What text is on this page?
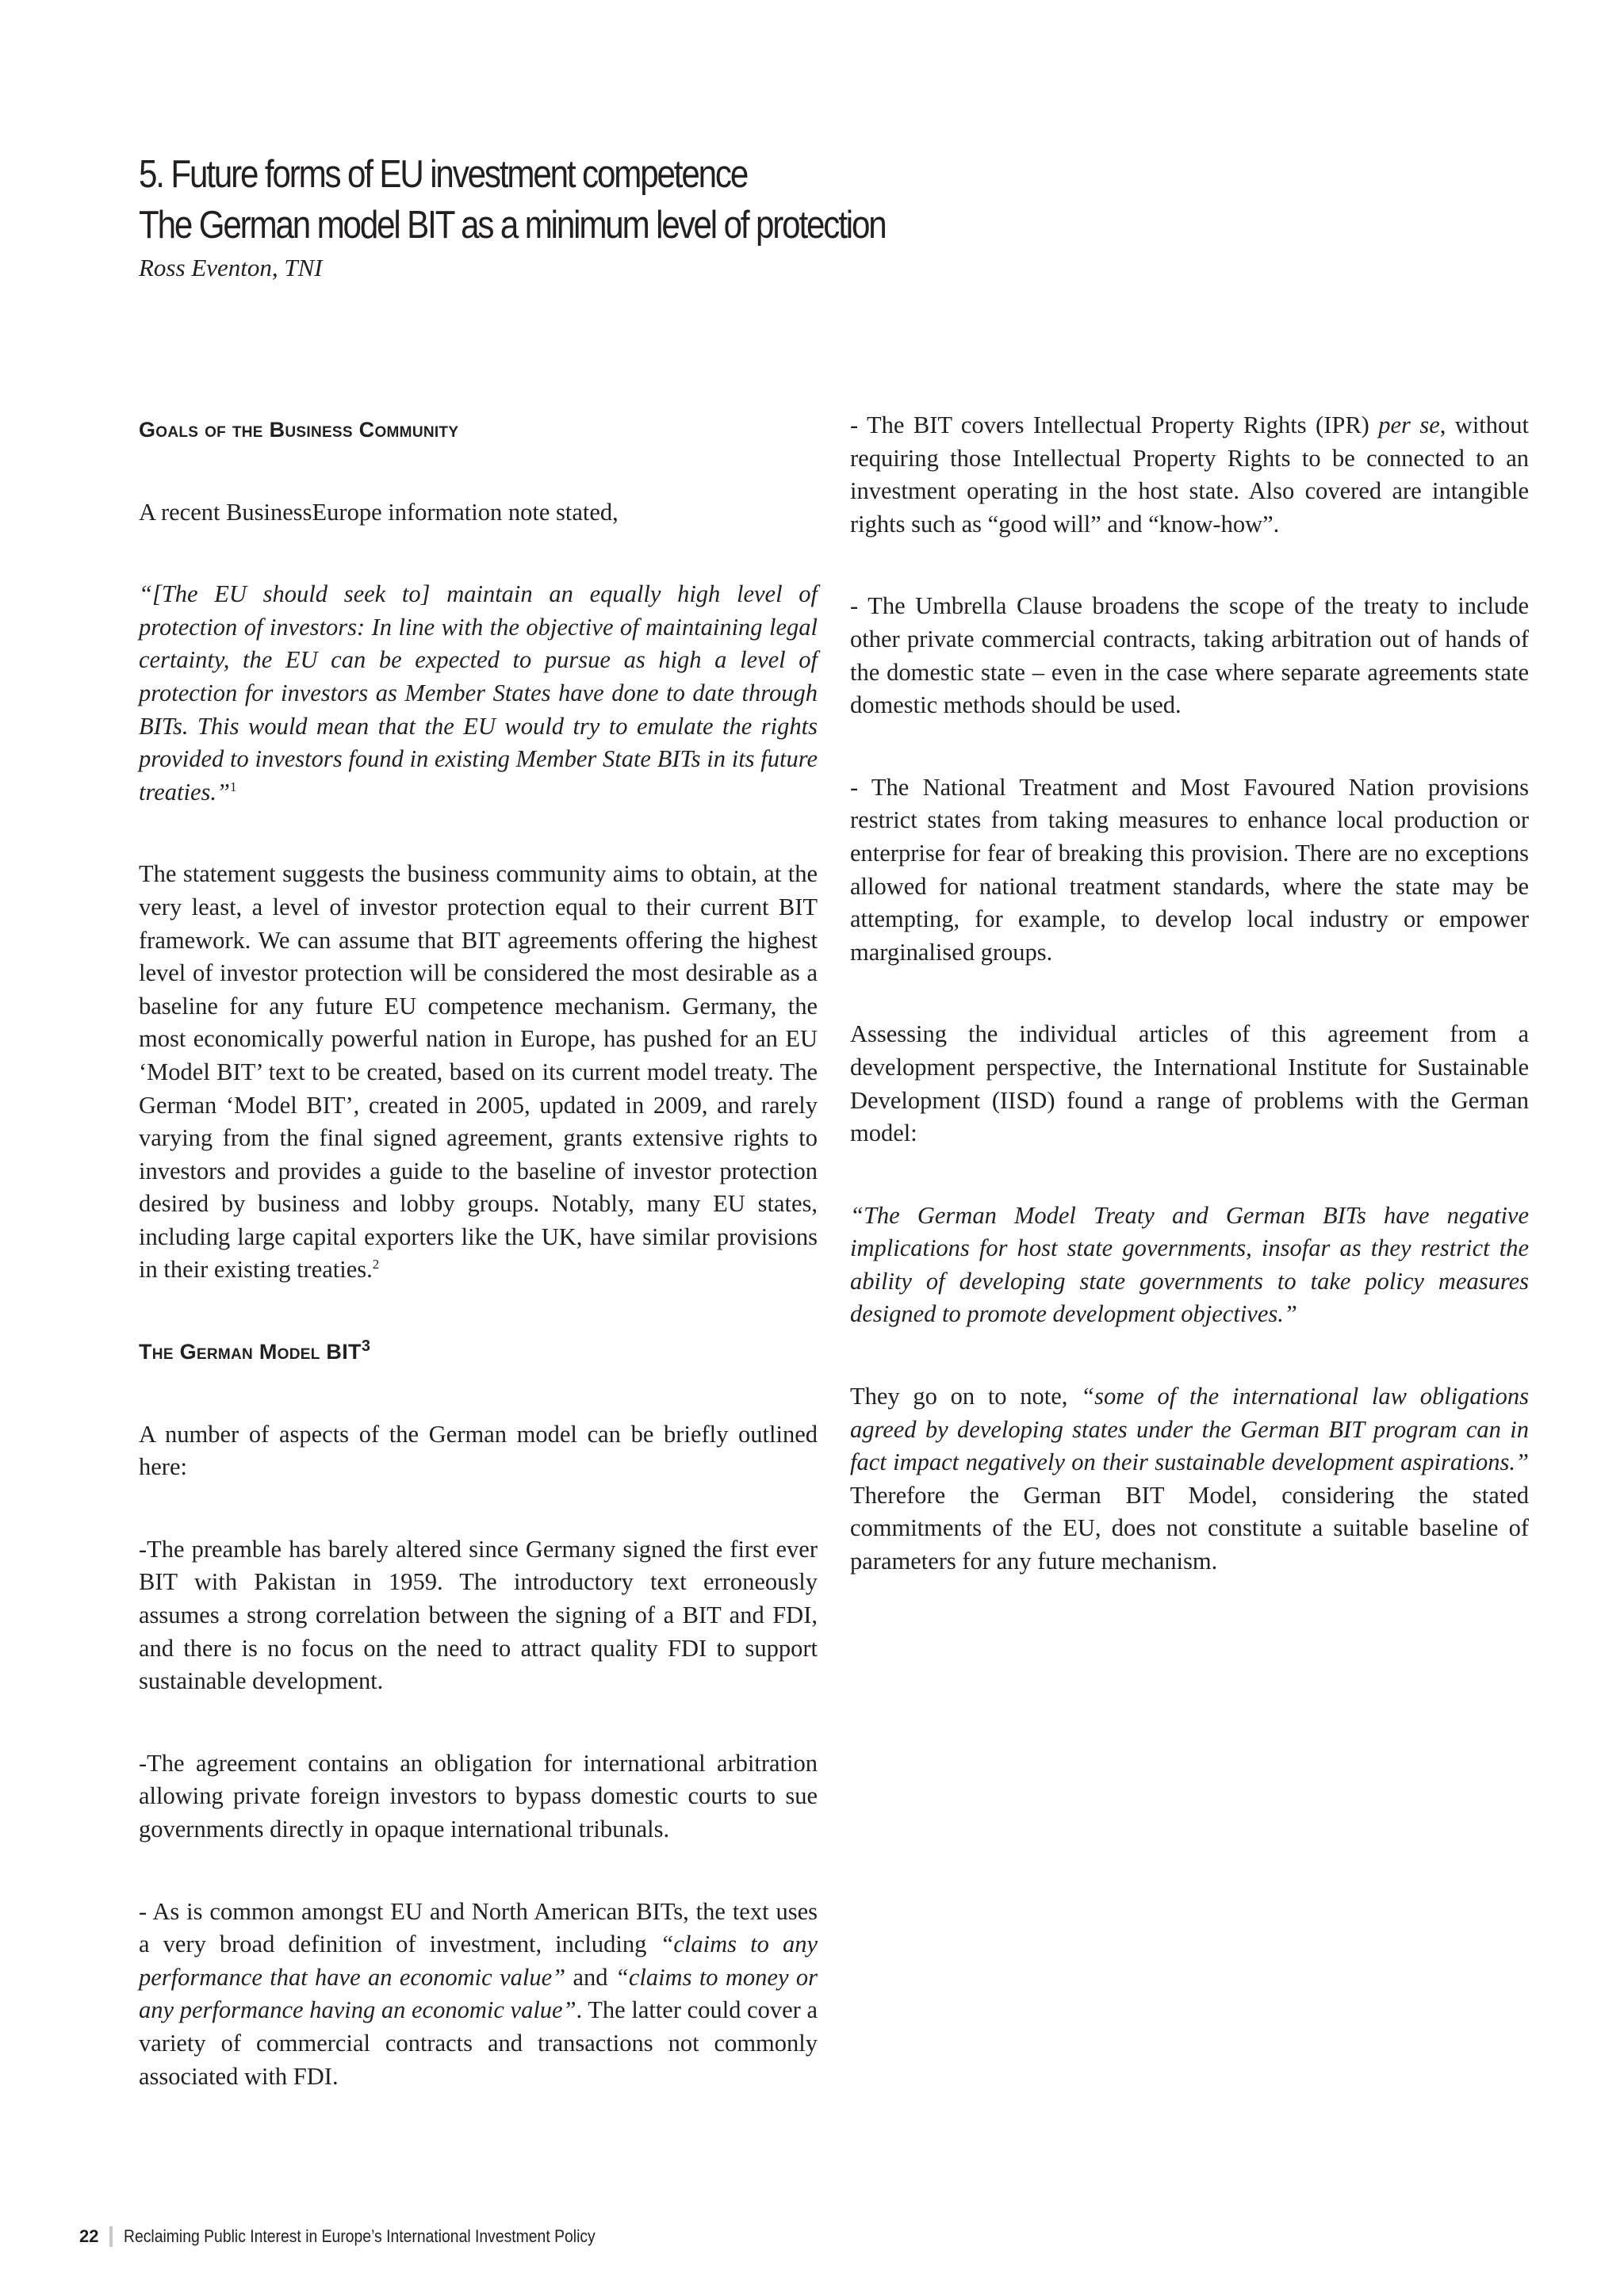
5. Future forms of EU investment competence
The German model BIT as a minimum level of protection
Ross Eventon, TNI
Goals of the Business Community

A recent BusinessEurope information note stated,

“[The EU should seek to] maintain an equally high level of protection of investors: In line with the objective of maintaining legal certainty, the EU can be expected to pursue as high a level of protection for investors as Member States have done to date through BITs. This would mean that the EU would try to emulate the rights provided to investors found in existing Member State BITs in its future treaties.”$^1$

The statement suggests the business community aims to obtain, at the very least, a level of investor protection equal to their current BIT framework. We can assume that BIT agreements offering the highest level of investor protection will be considered the most desirable as a baseline for any future EU competence mechanism. Germany, the most economically powerful nation in Europe, has pushed for an EU ‘Model BIT’ text to be created, based on its current model treaty. The German ‘Model BIT’, created in 2005, updated in 2009, and rarely varying from the final signed agreement, grants extensive rights to investors and provides a guide to the baseline of investor protection desired by business and lobby groups. Notably, many EU states, including large capital exporters like the UK, have similar provisions in their existing treaties.$^2$

The German Model BIT$^3$

A number of aspects of the German model can be briefly outlined here:

-The preamble has barely altered since Germany signed the first ever BIT with Pakistan in 1959. The introductory text erroneously assumes a strong correlation between the signing of a BIT and FDI, and there is no focus on the need to attract quality FDI to support sustainable development.

-The agreement contains an obligation for international arbitration allowing private foreign investors to bypass domestic courts to sue governments directly in opaque international tribunals.

- As is common amongst EU and North American BITs, the text uses a very broad definition of investment, including “claims to any performance that have an economic value” and “claims to money or any performance having an economic value”. The latter could cover a variety of commercial contracts and transactions not commonly associated with FDI.

- The BIT covers Intellectual Property Rights (IPR) per se, without requiring those Intellectual Property Rights to be connected to an investment operating in the host state. Also covered are intangible rights such as “good will” and “know-how”.

- The Umbrella Clause broadens the scope of the treaty to include other private commercial contracts, taking arbitration out of hands of the domestic state – even in the case where separate agreements state domestic methods should be used.

- The National Treatment and Most Favoured Nation provisions restrict states from taking measures to enhance local production or enterprise for fear of breaking this provision. There are no exceptions allowed for national treatment standards, where the state may be attempting, for example, to develop local industry or empower marginalised groups.

Assessing the individual articles of this agreement from a development perspective, the International Institute for Sustainable Development (IISD) found a range of problems with the German model:

“The German Model Treaty and German BITs have negative implications for host state governments, insofar as they restrict the ability of developing state governments to take policy measures designed to promote development objectives.”

They go on to note, “some of the international law obligations agreed by developing states under the German BIT program can in fact impact negatively on their sustainable development aspirations.” Therefore the German BIT Model, considering the stated commitments of the EU, does not constitute a suitable baseline of parameters for any future mechanism.

22 Reclaiming Public Interest in Europe’s International Investment Policy
